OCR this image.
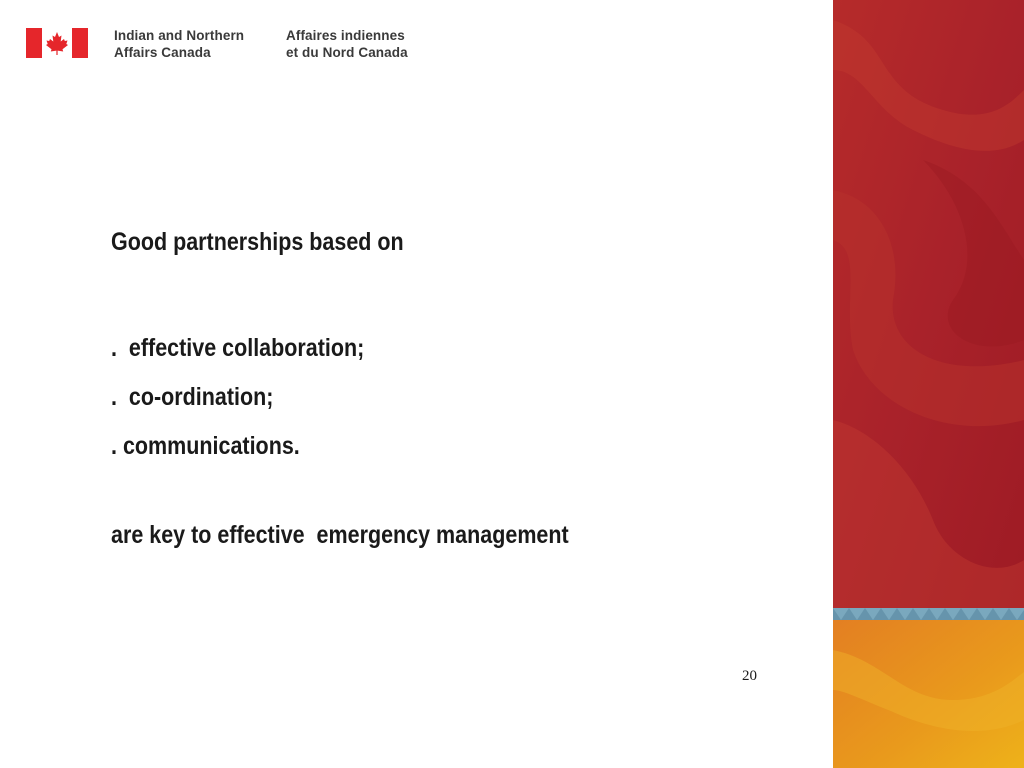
Indian and Northern
Affairs Canada
Affaires indiennes
et du Nord Canada

Good partnerships based on

.  effective collaboration;

.  co-ordination;

. communications.

are key to effective  emergency management

20
